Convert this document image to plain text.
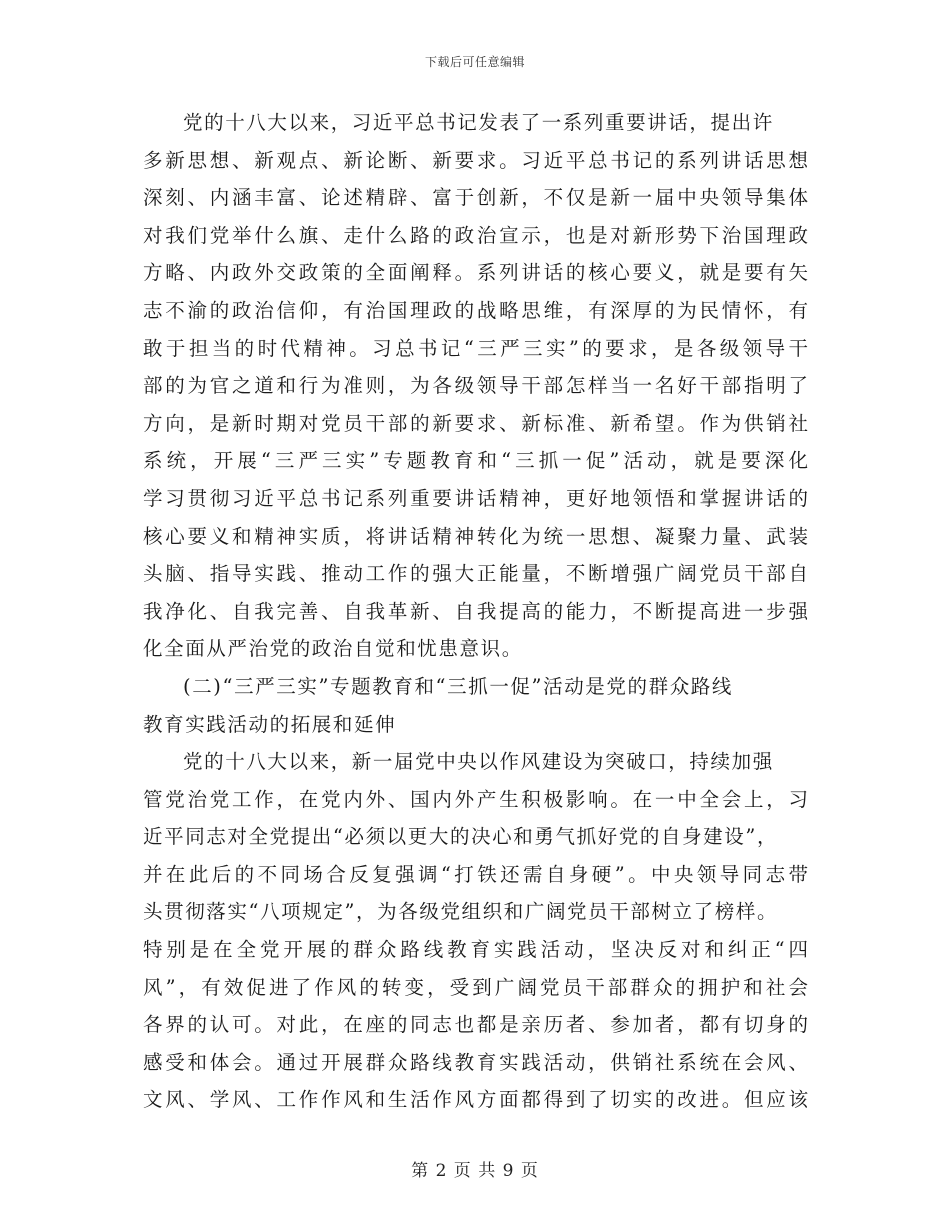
下载后可任意编辑
党的十八大以来，习近平总书记发表了一系列重要讲话，提出许
多新思想、新观点、新论断、新要求。习近平总书记的系列讲话思想
深刻、内涵丰富、论述精辟、富于创新，不仅是新一届中央领导集体
对我们党举什么旗、走什么路的政治宣示，也是对新形势下治国理政
方略、内政外交政策的全面阐释。系列讲话的核心要义，就是要有矢
志不渝的政治信仰，有治国理政的战略思维，有深厚的为民情怀，有
敢于担当的时代精神。习总书记“三严三实”的要求，是各级领导干
部的为官之道和行为准则，为各级领导干部怎样当一名好干部指明了
方向，是新时期对党员干部的新要求、新标准、新希望。作为供销社
系统，开展“三严三实”专题教育和“三抓一促”活动，就是要深化
学习贯彻习近平总书记系列重要讲话精神，更好地领悟和掌握讲话的
核心要义和精神实质，将讲话精神转化为统一思想、凝聚力量、武装
头脑、指导实践、推动工作的强大正能量，不断增强广阔党员干部自
我净化、自我完善、自我革新、自我提高的能力，不断提高进一步强
化全面从严治党的政治自觉和忧患意识。
(二)“三严三实”专题教育和“三抓一促”活动是党的群众路线
教育实践活动的拓展和延伸
党的十八大以来，新一届党中央以作风建设为突破口，持续加强
管党治党工作，在党内外、国内外产生积极影响。在一中全会上，习
近平同志对全党提出“必须以更大的决心和勇气抓好党的自身建设”，
并在此后的不同场合反复强调“打铁还需自身硬”。中央领导同志带
头贯彻落实“八项规定”，为各级党组织和广阔党员干部树立了榜样。
特别是在全党开展的群众路线教育实践活动，坚决反对和纠正“四
风”，有效促进了作风的转变，受到广阔党员干部群众的拥护和社会
各界的认可。对此，在座的同志也都是亲历者、参加者，都有切身的
感受和体会。通过开展群众路线教育实践活动，供销社系统在会风、
文风、学风、工作作风和生活作风方面都得到了切实的改进。但应该
第 2 页 共 9 页
